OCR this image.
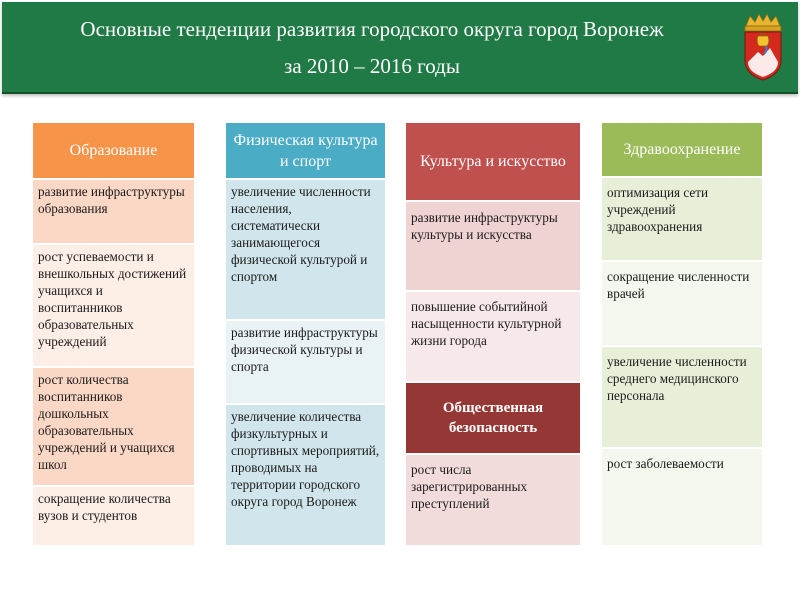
Основные тенденции развития городского округа город Воронеж
за 2010 – 2016 годы
Образование
развитие инфраструктуры образования
рост успеваемости и внешкольных достижений учащихся и воспитанников образовательных учреждений
рост количества воспитанников дошкольных образовательных учреждений и учащихся школ
сокращение количества вузов и студентов
Физическая культура и спорт
увеличение численности населения, систематически занимающегося физической культурой и спортом
развитие инфраструктуры физической культуры и спорта
увеличение количества физкультурных и спортивных мероприятий, проводимых на территории городского округа город Воронеж
Культура и искусство
развитие инфраструктуры культуры и искусства
повышение событийной насыщенности культурной жизни города
Общественная безопасность
рост числа зарегистрированных преступлений
Здравоохранение
оптимизация сети учреждений здравоохранения
сокращение численности врачей
увеличение численности среднего медицинского персонала
рост заболеваемости
